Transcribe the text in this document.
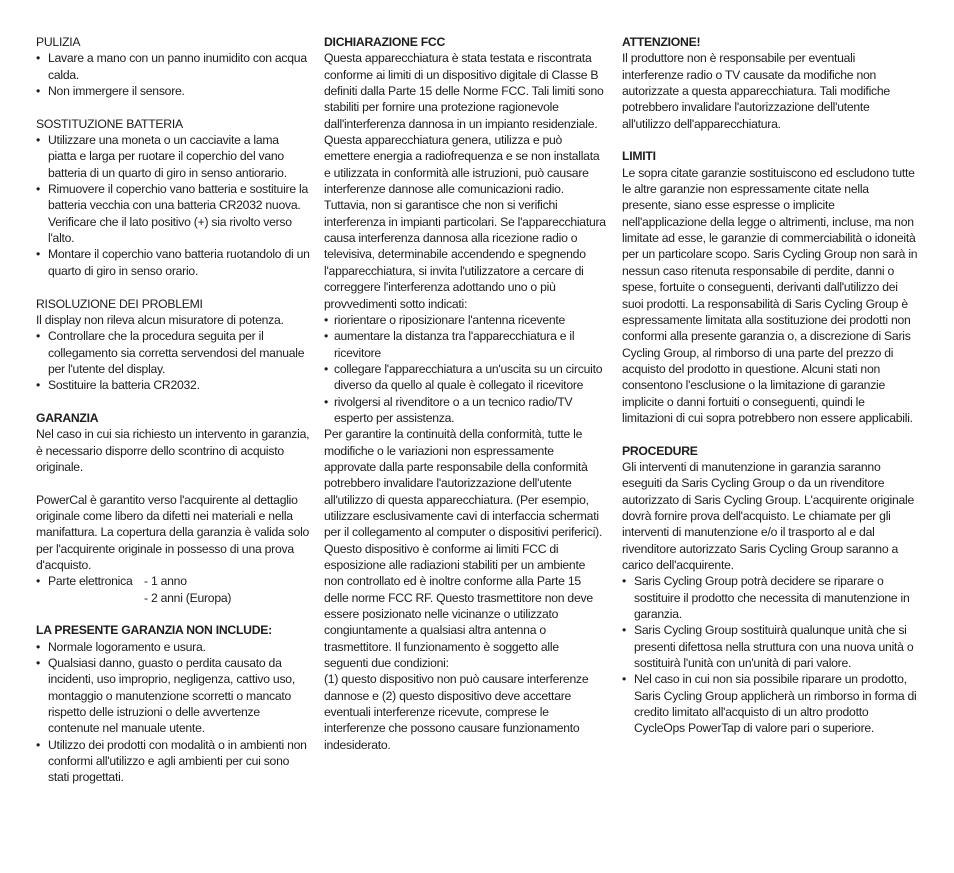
PULIZIA
• Lavare a mano con un panno inumidito con acqua calda.
• Non immergere il sensore.
SOSTITUZIONE BATTERIA
• Utilizzare una moneta o un cacciavite a lama piatta e larga per ruotare il coperchio del vano batteria di un quarto di giro in senso antiorario.
• Rimuovere il coperchio vano batteria e sostituire la batteria vecchia con una batteria CR2032 nuova. Verificare che il lato positivo (+) sia rivolto verso l'alto.
• Montare il coperchio vano batteria ruotandolo di un quarto di giro in senso orario.
RISOLUZIONE DEI PROBLEMI

Il display non rileva alcun misuratore di potenza.

• Controllare che la procedura seguita per il collegamento sia corretta servendosi del manuale per l'utente del display.
• Sostituire la batteria CR2032.
GARANZIA

Nel caso in cui sia richiesto un intervento in garanzia, è necessario disporre dello scontrino di acquisto originale.

PowerCal è garantito verso l'acquirente al dettaglio originale come libero da difetti nei materiali e nella manifattura. La copertura della garanzia è valida solo per l'acquirente originale in possesso di una prova d'acquisto.

• Parte elettronica - 1 anno
- 2 anni (Europa)
LA PRESENTE GARANZIA NON INCLUDE:
• Normale logoramento e usura.
• Qualsiasi danno, guasto o perdita causato da incidenti, uso improprio, negligenza, cattivo uso, montaggio o manutenzione scorretti o mancato rispetto delle istruzioni o delle avvertenze contenute nel manuale utente.
• Utilizzo dei prodotti con modalità o in ambienti non conformi all'utilizzo e agli ambienti per cui sono stati progettati.
DICHIARAZIONE FCC

Questa apparecchiatura è stata testata e riscontrata conforme ai limiti di un dispositivo digitale di Classe B definiti dalla Parte 15 delle Norme FCC. Tali limiti sono stabiliti per fornire una protezione ragionevole dall'interferenza dannosa in un impianto residenziale. Questa apparecchiatura genera, utilizza e può emettere energia a radiofrequenza e se non installata e utilizzata in conformità alle istruzioni, può causare interferenze dannose alle comunicazioni radio. Tuttavia, non si garantisce che non si verifichi interferenza in impianti particolari. Se l'apparecchiatura causa interferenza dannosa alla ricezione radio o televisiva, determinabile accendendo e spegnendo l'apparecchiatura, si invita l'utilizzatore a cercare di correggere l'interferenza adottando uno o più provvedimenti sotto indicati:

• riorientare o riposizionare l'antenna ricevente
• aumentare la distanza tra l'apparecchiatura e il ricevitore
• collegare l'apparecchiatura a un'uscita su un circuito diverso da quello al quale è collegato il ricevitore
• rivolgersi al rivenditore o a un tecnico radio/TV esperto per assistenza.

Per garantire la continuità della conformità, tutte le modifiche o le variazioni non espressamente approvate dalla parte responsabile della conformità potrebbero invalidare l'autorizzazione dell'utente all'utilizzo di questa apparecchiatura. (Per esempio, utilizzare esclusivamente cavi di interfaccia schermati per il collegamento al computer o dispositivi periferici). Questo dispositivo è conforme ai limiti FCC di esposizione alle radiazioni stabiliti per un ambiente non controllato ed è inoltre conforme alla Parte 15 delle norme FCC RF. Questo trasmettitore non deve essere posizionato nelle vicinanze o utilizzato congiuntamente a qualsiasi altra antenna o trasmettitore. Il funzionamento è soggetto alle seguenti due condizioni:

(1) questo dispositivo non può causare interferenze dannose e (2) questo dispositivo deve accettare eventuali interferenze ricevute, comprese le interferenze che possono causare funzionamento indesiderato.

ATTENZIONE!

Il produttore non è responsabile per eventuali interferenze radio o TV causate da modifiche non autorizzate a questa apparecchiatura. Tali modifiche potrebbero invalidare l'autorizzazione dell'utente all'utilizzo dell'apparecchiatura.

LIMITI

Le sopra citate garanzie sostituiscono ed escludono tutte le altre garanzie non espressamente citate nella presente, siano esse espresse o implicite nell'applicazione della legge o altrimenti, incluse, ma non limitate ad esse, le garanzie di commerciabilità o idoneità per un particolare scopo. Saris Cycling Group non sarà in nessun caso ritenuta responsabile di perdite, danni o spese, fortuite o conseguenti, derivanti dall'utilizzo dei suoi prodotti. La responsabilità di Saris Cycling Group è espressamente limitata alla sostituzione dei prodotti non conformi alla presente garanzia o, a discrezione di Saris Cycling Group, al rimborso di una parte del prezzo di acquisto del prodotto in questione. Alcuni stati non consentono l'esclusione o la limitazione di garanzie implicite o danni fortuiti o conseguenti, quindi le limitazioni di cui sopra potrebbero non essere applicabili.

PROCEDURE

Gli interventi di manutenzione in garanzia saranno eseguiti da Saris Cycling Group o da un rivenditore autorizzato di Saris Cycling Group. L'acquirente originale dovrà fornire prova dell'acquisto. Le chiamate per gli interventi di manutenzione e/o il trasporto al e dal rivenditore autorizzato Saris Cycling Group saranno a carico dell'acquirente.

• Saris Cycling Group potrà decidere se riparare o sostituire il prodotto che necessita di manutenzione in garanzia.
• Saris Cycling Group sostituirà qualunque unità che si presenti difettosa nella struttura con una nuova unità o sostituirà l'unità con un'unità di pari valore.
• Nel caso in cui non sia possibile riparare un prodotto, Saris Cycling Group applicherà un rimborso in forma di credito limitato all'acquisto di un altro prodotto CycleOps PowerTap di valore pari o superiore.
